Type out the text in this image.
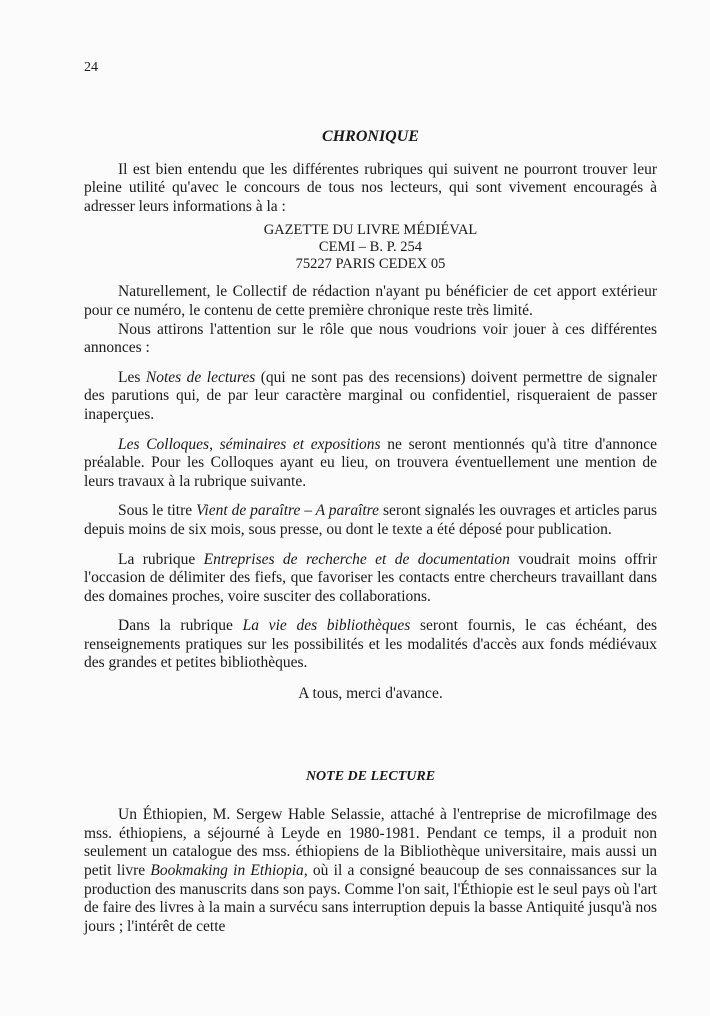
24
CHRONIQUE

Il est bien entendu que les différentes rubriques qui suivent ne pourront trouver leur pleine utilité qu'avec le concours de tous nos lecteurs, qui sont vivement encouragés à adresser leurs informations à la :

GAZETTE DU LIVRE MÉDIÉVAL
CEMI – B. P. 254
75227 PARIS CEDEX 05

Naturellement, le Collectif de rédaction n'ayant pu bénéficier de cet apport extérieur pour ce numéro, le contenu de cette première chronique reste très limité.

Nous attirons l'attention sur le rôle que nous voudrions voir jouer à ces différentes annonces :

Les Notes de lectures (qui ne sont pas des recensions) doivent permettre de signaler des parutions qui, de par leur caractère marginal ou confidentiel, risqueraient de passer inaperçues.

Les Colloques, séminaires et expositions ne seront mentionnés qu'à titre d'annonce préalable. Pour les Colloques ayant eu lieu, on trouvera éventuellement une mention de leurs travaux à la rubrique suivante.

Sous le titre Vient de paraître – A paraître seront signalés les ouvrages et articles parus depuis moins de six mois, sous presse, ou dont le texte a été déposé pour publication.

La rubrique Entreprises de recherche et de documentation voudrait moins offrir l'occasion de délimiter des fiefs, que favoriser les contacts entre chercheurs travaillant dans des domaines proches, voire susciter des collaborations.

Dans la rubrique La vie des bibliothèques seront fournis, le cas échéant, des renseignements pratiques sur les possibilités et les modalités d'accès aux fonds médiévaux des grandes et petites bibliothèques.

A tous, merci d'avance.

NOTE DE LECTURE

Un Éthiopien, M. Sergew Hable Selassie, attaché à l'entreprise de microfilmage des mss. éthiopiens, a séjourné à Leyde en 1980-1981. Pendant ce temps, il a produit non seulement un catalogue des mss. éthiopiens de la Bibliothèque universitaire, mais aussi un petit livre Bookmaking in Ethiopia, où il a consigné beaucoup de ses connaissances sur la production des manuscrits dans son pays. Comme l'on sait, l'Éthiopie est le seul pays où l'art de faire des livres à la main a survécu sans interruption depuis la basse Antiquité jusqu'à nos jours ; l'intérêt de cette
